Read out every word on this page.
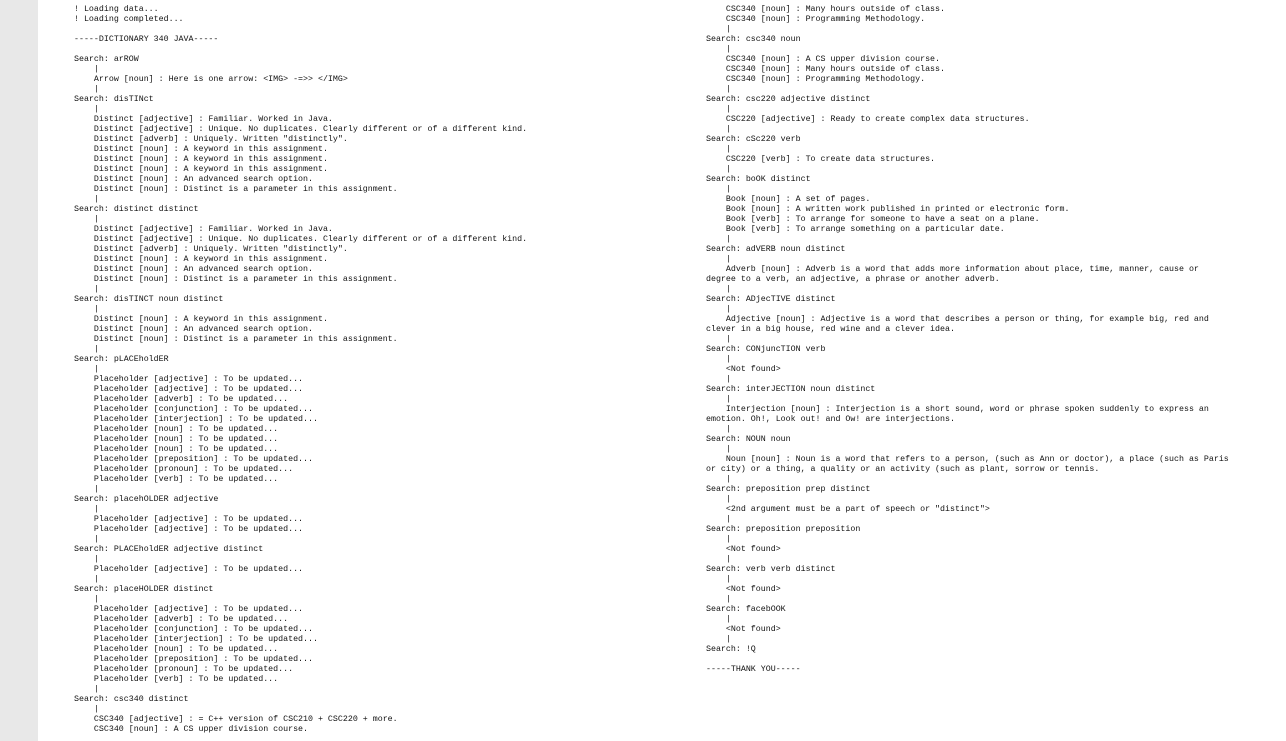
! Loading data...
! Loading completed...
-----DICTIONARY 340 JAVA-----
Search: arROW
|
Arrow [noun] : Here is one arrow: <IMG> -=>> </IMG>
|
Search: disTINct
|
Distinct [adjective] : Familiar. Worked in Java.
Distinct [adjective] : Unique. No duplicates. Clearly different or of a different kind.
Distinct [adverb] : Uniquely. Written "distinctly".
Distinct [noun] : A keyword in this assignment.
Distinct [noun] : A keyword in this assignment.
Distinct [noun] : A keyword in this assignment.
Distinct [noun] : An advanced search option.
Distinct [noun] : Distinct is a parameter in this assignment.
|
Search: distinct distinct
|
Distinct [adjective] : Familiar. Worked in Java.
Distinct [adjective] : Unique. No duplicates. Clearly different or of a different kind.
Distinct [adverb] : Uniquely. Written "distinctly".
Distinct [noun] : A keyword in this assignment.
Distinct [noun] : An advanced search option.
Distinct [noun] : Distinct is a parameter in this assignment.
|
Search: disTINCT noun distinct
|
Distinct [noun] : A keyword in this assignment.
Distinct [noun] : An advanced search option.
Distinct [noun] : Distinct is a parameter in this assignment.
|
Search: pLACEholdER
|
Placeholder [adjective] : To be updated...
Placeholder [adjective] : To be updated...
Placeholder [adverb] : To be updated...
Placeholder [conjunction] : To be updated...
Placeholder [interjection] : To be updated...
Placeholder [noun] : To be updated...
Placeholder [noun] : To be updated...
Placeholder [noun] : To be updated...
Placeholder [preposition] : To be updated...
Placeholder [pronoun] : To be updated...
Placeholder [verb] : To be updated...
|
Search: placehOLDER adjective
|
Placeholder [adjective] : To be updated...
Placeholder [adjective] : To be updated...
|
Search: PLACEholdER adjective distinct
|
Placeholder [adjective] : To be updated...
|
Search: placeHOLDER distinct
|
Placeholder [adjective] : To be updated...
Placeholder [adverb] : To be updated...
Placeholder [conjunction] : To be updated...
Placeholder [interjection] : To be updated...
Placeholder [noun] : To be updated...
Placeholder [preposition] : To be updated...
Placeholder [pronoun] : To be updated...
Placeholder [verb] : To be updated...
|
Search: csc340 distinct
|
CSC340 [adjective] : = C++ version of CSC210 + CSC220 + more.
CSC340 [noun] : A CS upper division course.
CSC340 [noun] : Many hours outside of class.
CSC340 [noun] : Programming Methodology.
|
Search: csc340 noun
|
CSC340 [noun] : A CS upper division course.
CSC340 [noun] : Many hours outside of class.
CSC340 [noun] : Programming Methodology.
|
Search: csc220 adjective distinct
|
CSC220 [adjective] : Ready to create complex data structures.
|
Search: cSc220 verb
|
CSC220 [verb] : To create data structures.
|
Search: boOK distinct
|
Book [noun] : A set of pages.
Book [noun] : A written work published in printed or electronic form.
Book [verb] : To arrange for someone to have a seat on a plane.
Book [verb] : To arrange something on a particular date.
|
Search: adVERB noun distinct
|
Adverb [noun] : Adverb is a word that adds more information about place, time, manner, cause or
degree to a verb, an adjective, a phrase or another adverb.
|
Search: ADjecTIVE distinct
|
Adjective [noun] : Adjective is a word that describes a person or thing, for example big, red and
clever in a big house, red wine and a clever idea.
|
Search: CONjuncTION verb
|
<Not found>
|
Search: interJECTION noun distinct
|
Interjection [noun] : Interjection is a short sound, word or phrase spoken suddenly to express an
emotion. Oh!, Look out! and Ow! are interjections.
|
Search: NOUN noun
|
Noun [noun] : Noun is a word that refers to a person, (such as Ann or doctor), a place (such as Paris
or city) or a thing, a quality or an activity (such as plant, sorrow or tennis.
|
Search: preposition prep distinct
|
<2nd argument must be a part of speech or "distinct">
|
Search: preposition preposition
|
<Not found>
|
Search: verb verb distinct
|
<Not found>
|
Search: facebOOK
|
<Not found>
|
Search: !Q
-----THANK YOU-----
